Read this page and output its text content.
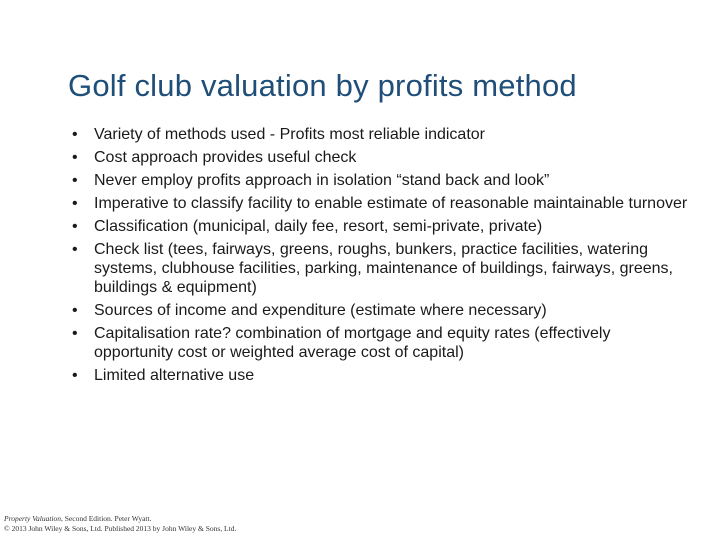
Golf club valuation by profits method
•	Variety of methods used - Profits most reliable indicator
•	Cost approach provides useful check
•	Never employ profits approach in isolation “stand back and look”
•	Imperative to classify facility to enable estimate of reasonable maintainable turnover
•	Classification (municipal, daily fee, resort, semi-private, private)
•	Check list (tees, fairways, greens, roughs, bunkers, practice facilities, watering systems, clubhouse facilities, parking, maintenance of buildings, fairways, greens, buildings & equipment)
•	Sources of income and expenditure (estimate where necessary)
•	Capitalisation rate? combination of mortgage and equity rates (effectively opportunity cost or weighted average cost of capital)
•	Limited alternative use
Property Valuation, Second Edition. Peter Wyatt.
© 2013 John Wiley & Sons, Ltd. Published 2013 by John Wiley & Sons, Ltd.
